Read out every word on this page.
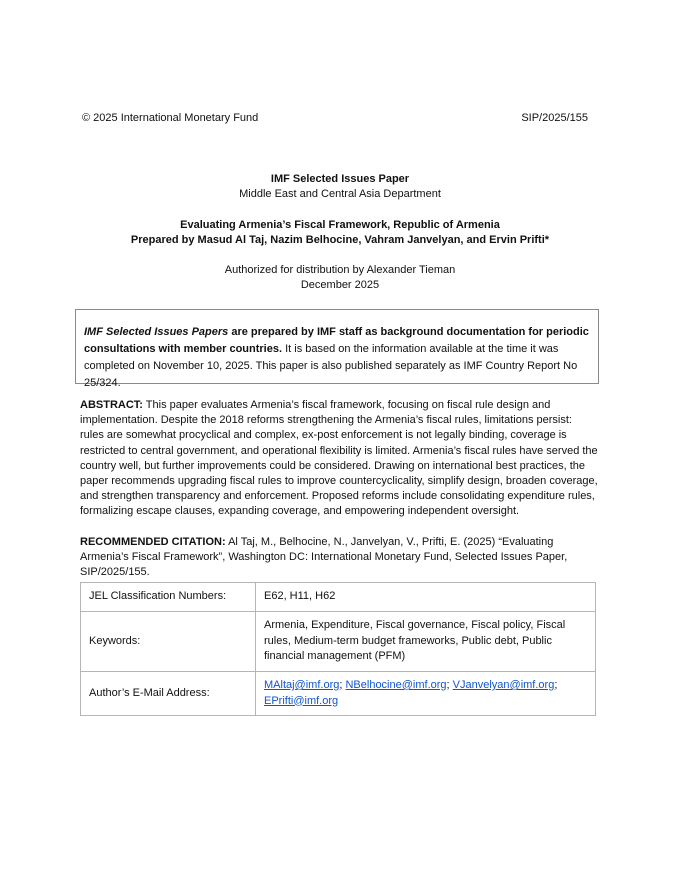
© 2025 International Monetary Fund	SIP/2025/155
IMF Selected Issues Paper
Middle East and Central Asia Department
Evaluating Armenia’s Fiscal Framework, Republic of Armenia
Prepared by Masud Al Taj, Nazim Belhocine, Vahram Janvelyan, and Ervin Prifti*
Authorized for distribution by Alexander Tieman
December 2025
IMF Selected Issues Papers are prepared by IMF staff as background documentation for periodic consultations with member countries. It is based on the information available at the time it was completed on November 10, 2025. This paper is also published separately as IMF Country Report No 25/324.
ABSTRACT: This paper evaluates Armenia’s fiscal framework, focusing on fiscal rule design and implementation. Despite the 2018 reforms strengthening the Armenia’s fiscal rules, limitations persist: rules are somewhat procyclical and complex, ex-post enforcement is not legally binding, coverage is restricted to central government, and operational flexibility is limited. Armenia’s fiscal rules have served the country well, but further improvements could be considered. Drawing on international best practices, the paper recommends upgrading fiscal rules to improve countercyclicality, simplify design, broaden coverage, and strengthen transparency and enforcement. Proposed reforms include consolidating expenditure rules, formalizing escape clauses, expanding coverage, and empowering independent oversight.
RECOMMENDED CITATION: Al Taj, M., Belhocine, N., Janvelyan, V., Prifti, E. (2025) “Evaluating Armenia’s Fiscal Framework”, Washington DC: International Monetary Fund, Selected Issues Paper, SIP/2025/155.
JEL Classification Numbers:	E62, H11, H62
Keywords:	Armenia, Expenditure, Fiscal governance, Fiscal policy, Fiscal rules, Medium-term budget frameworks, Public debt, Public financial management (PFM)
Author’s E-Mail Address:	MAltaj@imf.org; NBelhocine@imf.org; VJanvelyan@imf.org;
EPrifti@imf.org
